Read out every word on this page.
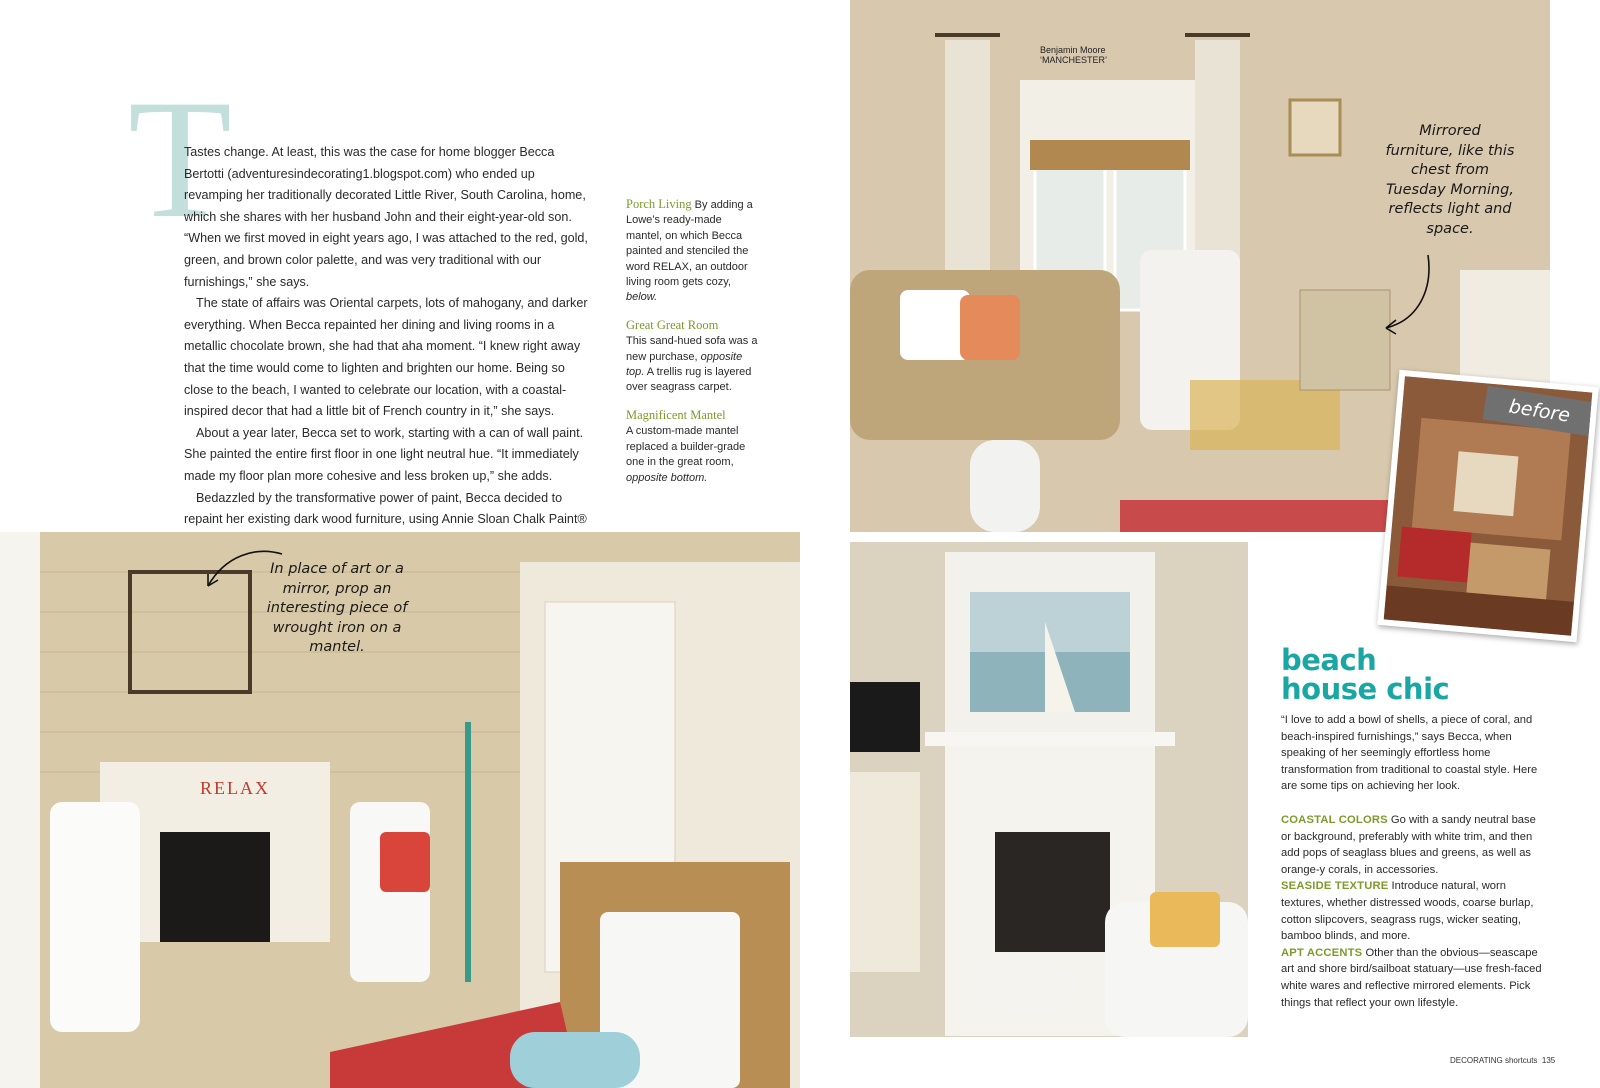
T

Tastes change. At least, this was the case for home blogger Becca Bertotti (adventuresindecorating1.blogspot.com) who ended up revamping her traditionally decorated Little River, South Carolina, home, which she shares with her husband John and their eight-year-old son. “When we first moved in eight years ago, I was attached to the red, gold, green, and brown color palette, and was very traditional with our furnishings,” she says.

The state of affairs was Oriental carpets, lots of mahogany, and darker everything. When Becca repainted her dining and living rooms in a metallic chocolate brown, she had that aha moment. “I knew right away that the time would come to lighten and brighten our home. Being so close to the beach, I wanted to celebrate our location, with a coastal-inspired decor that had a little bit of French country in it,” she says.

About a year later, Becca set to work, starting with a can of wall paint. She painted the entire first floor in one light neutral hue. “It immediately made my floor plan more cohesive and less broken up,” she adds.

Bedazzled by the transformative power of paint, Becca decided to repaint her existing dark wood furniture, using Annie Sloan Chalk Paint®

Porch Living By adding a Lowe’s ready-made mantel, on which Becca painted and stenciled the word RELAX, an outdoor living room gets cozy, below.
Great Great Room
This sand-hued sofa was a new purchase, opposite top. A trellis rug is layered over seagrass carpet.
Magnificent Mantel
A custom-made mantel replaced a builder-grade one in the great room, opposite bottom.
Benjamin Moore
‘MANCHESTER’
Mirrored furniture, like this chest from Tuesday Morning, reflects light and space.
before
RELAX
In place of art or a mirror, prop an interesting piece of wrought iron on a mantel.	beach
house chic
“I love to add a bowl of shells, a piece of coral, and beach-inspired furnishings,” says Becca, when speaking of her seemingly effortless home transformation from traditional to coastal style. Here are some tips on achieving her look.
COASTAL COLORS Go with a sandy neutral base or background, preferably with white trim, and then add pops of seaglass blues and greens, as well as orange-y corals, in accessories.
SEASIDE TEXTURE Introduce natural, worn textures, whether distressed woods, coarse burlap, cotton slipcovers, seagrass rugs, wicker seating, bamboo blinds, and more.
APT ACCENTS Other than the obvious—seascape art and shore bird/sailboat statuary—use fresh-faced white wares and reflective mirrored elements. Pick things that reflect your own lifestyle.
DECORATING shortcuts 135
